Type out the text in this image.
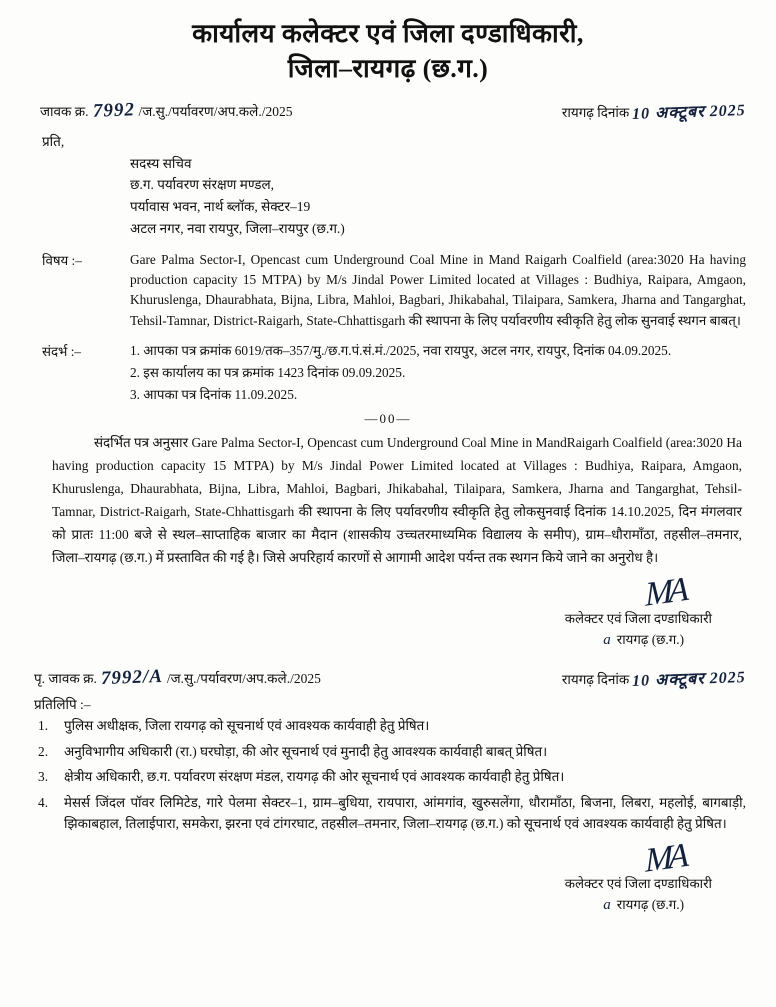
कार्यालय कलेक्टर एवं जिला दण्डाधिकारी,
जिला–रायगढ़ (छ.ग.)
जावक क्र. 7992 /ज.सु./पर्यावरण/अप.कले./2025	रायगढ़ दिनांक 10 अक्टूबर 2025
प्रति,
सदस्य सचिव
छ.ग. पर्यावरण संरक्षण मण्डल,
पर्यावास भवन, नार्थ ब्लॉक, सेक्टर–19
अटल नगर, नवा रायपुर, जिला–रायपुर (छ.ग.)
विषय :–	Gare Palma Sector-I, Opencast cum Underground Coal Mine in Mand Raigarh Coalfield (area:3020 Ha having production capacity 15 MTPA) by M/s Jindal Power Limited located at Villages : Budhiya, Raipara, Amgaon, Khuruslenga, Dhaurabhata, Bijna, Libra, Mahloi, Bagbari, Jhikabahal, Tilaipara, Samkera, Jharna and Tangarghat, Tehsil-Tamnar, District-Raigarh, State-Chhattisgarh की स्थापना के लिए पर्यावरणीय स्वीकृति हेतु लोक सुनवाई स्थगन बाबत्।
संदर्भ :–	1. आपका पत्र क्रमांक 6019/तक–357/मु./छ.ग.पं.सं.मं./2025, नवा रायपुर, अटल नगर, रायपुर, दिनांक 04.09.2025.
2. इस कार्यालय का पत्र क्रमांक 1423 दिनांक 09.09.2025.
3. आपका पत्र दिनांक 11.09.2025.
—00—
संदर्भित पत्र अनुसार Gare Palma Sector-I, Opencast cum Underground Coal Mine in MandRaigarh Coalfield (area:3020 Ha having production capacity 15 MTPA) by M/s Jindal Power Limited located at Villages : Budhiya, Raipara, Amgaon, Khuruslenga, Dhaurabhata, Bijna, Libra, Mahloi, Bagbari, Jhikabahal, Tilaipara, Samkera, Jharna and Tangarghat, Tehsil-Tamnar, District-Raigarh, State-Chhattisgarh की स्थापना के लिए पर्यावरणीय स्वीकृति हेतु लोकसुनवाई दिनांक 14.10.2025, दिन मंगलवार को प्रातः 11:00 बजे से स्थल–साप्ताहिक बाजार का मैदान (शासकीय उच्चतरमाध्यमिक विद्यालय के समीप), ग्राम–धौरामाँठा, तहसील–तमनार, जिला–रायगढ़ (छ.ग.) में प्रस्तावित की गई है। जिसे अपरिहार्य कारणों से आगामी आदेश पर्यन्त तक स्थगन किये जाने का अनुरोध है।
MA
कलेक्टर एवं जिला दण्डाधिकारी
a रायगढ़ (छ.ग.)
पृ. जावक क्र. 7992/A /ज.सु./पर्यावरण/अप.कले./2025	रायगढ़ दिनांक 10 अक्टूबर 2025
प्रतिलिपि :–
1.	पुलिस अधीक्षक, जिला रायगढ़ को सूचनार्थ एवं आवश्यक कार्यवाही हेतु प्रेषित।
2.	अनुविभागीय अधिकारी (रा.) घरघोड़ा, की ओर सूचनार्थ एवं मुनादी हेतु आवश्यक कार्यवाही बाबत् प्रेषित।
3.	क्षेत्रीय अधिकारी, छ.ग. पर्यावरण संरक्षण मंडल, रायगढ़ की ओर सूचनार्थ एवं आवश्यक कार्यवाही हेतु प्रेषित।
4.	मेसर्स जिंदल पॉवर लिमिटेड, गारे पेलमा सेक्टर–1, ग्राम–बुधिया, रायपारा, आंमगांव, खुरुसलेंगा, धौरामाँठा, बिजना, लिबरा, महलोई, बागबाड़ी, झिकाबहाल, तिलाईपारा, समकेरा, झरना एवं टांगरघाट, तहसील–तमनार, जिला–रायगढ़ (छ.ग.) को सूचनार्थ एवं आवश्यक कार्यवाही हेतु प्रेषित।
MA
कलेक्टर एवं जिला दण्डाधिकारी
a रायगढ़ (छ.ग.)
